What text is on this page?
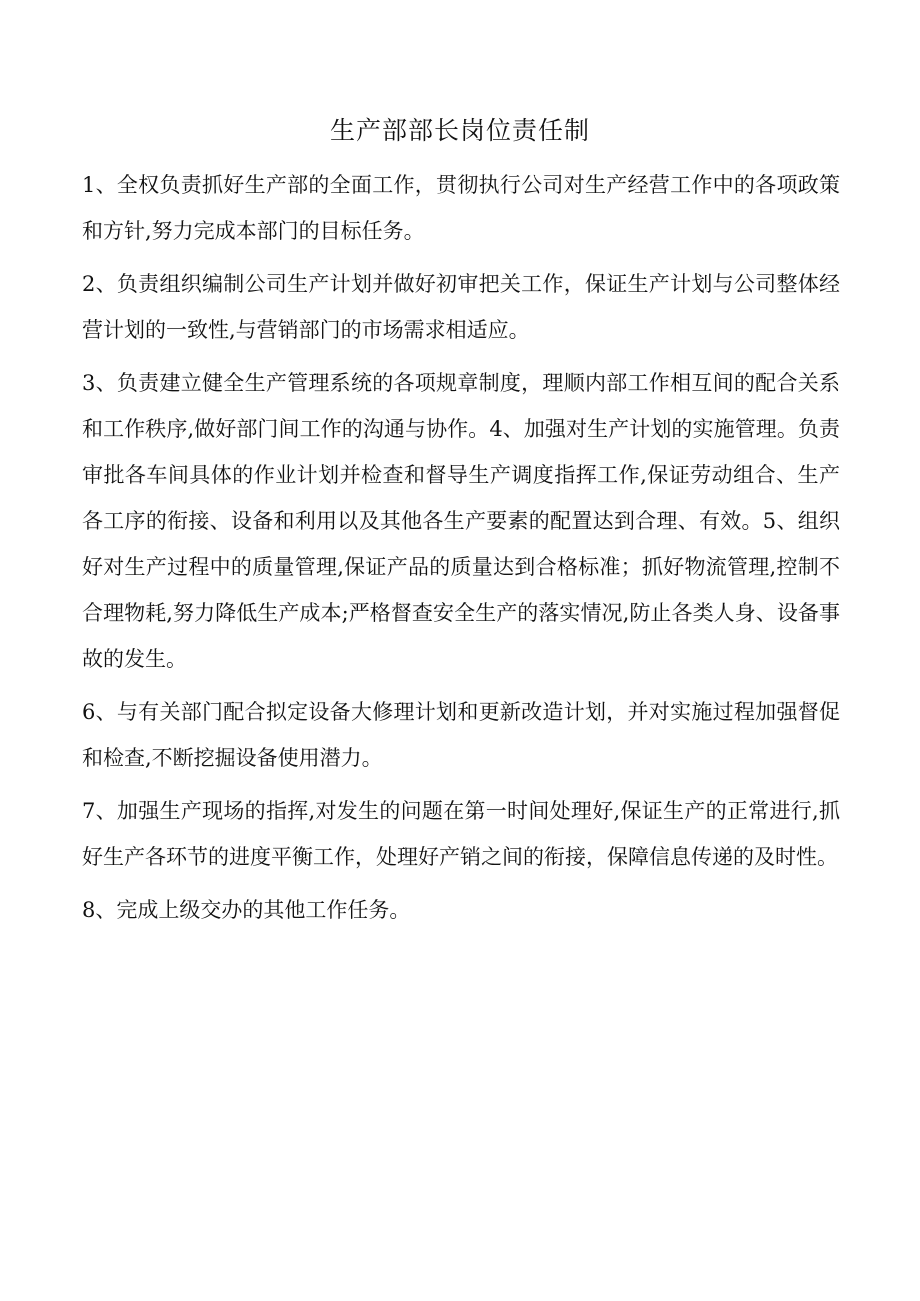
生产部部长岗位责任制

1、全权负责抓好生产部的全面工作，贯彻执行公司对生产经营工作中的各项政策和方针,努力完成本部门的目标任务。

2、负责组织编制公司生产计划并做好初审把关工作，保证生产计划与公司整体经营计划的一致性,与营销部门的市场需求相适应。

3、负责建立健全生产管理系统的各项规章制度，理顺内部工作相互间的配合关系和工作秩序,做好部门间工作的沟通与协作。4、加强对生产计划的实施管理。负责审批各车间具体的作业计划并检查和督导生产调度指挥工作,保证劳动组合、生产各工序的衔接、设备和利用以及其他各生产要素的配置达到合理、有效。5、组织好对生产过程中的质量管理,保证产品的质量达到合格标准；抓好物流管理,控制不合理物耗,努力降低生产成本;严格督查安全生产的落实情况,防止各类人身、设备事故的发生。

6、与有关部门配合拟定设备大修理计划和更新改造计划，并对实施过程加强督促和检查,不断挖掘设备使用潜力。

7、加强生产现场的指挥,对发生的问题在第一时间处理好,保证生产的正常进行,抓好生产各环节的进度平衡工作，处理好产销之间的衔接，保障信息传递的及时性。

8、完成上级交办的其他工作任务。
